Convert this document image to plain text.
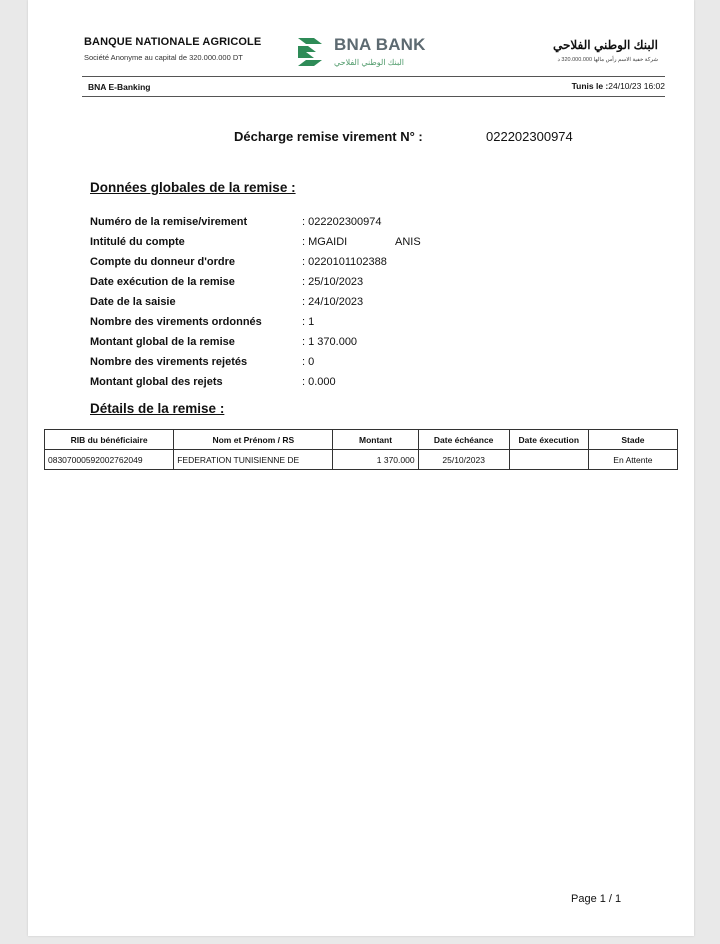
BANQUE NATIONALE AGRICOLE
Société Anonyme au capital de 320.000.000 DT
BNA BANK
البنك الوطني الفلاحي
البنك الوطني الفلاحي
شركة خفية الاسم رأس مالها 320.000.000 د
BNA E-Banking	Tunis le :24/10/23 16:02
Décharge remise virement N° :	022202300974
Données globales de la remise :
Numéro de la remise/virement	: 022202300974
Intitulé du compte	: MGAIDI	ANIS
Compte du donneur d'ordre	: 0220101102388
Date exécution de la remise	: 25/10/2023
Date de la saisie	: 24/10/2023
Nombre des virements ordonnés	: 1
Montant global de la remise	: 1 370.000
Nombre des virements rejetés	: 0
Montant global des rejets	: 0.000
Détails de la remise :
RIB du bénéficiaire	Nom et Prénom / RS	Montant	Date échéance	Date éxecution	Stade
08307000592002762049	FEDERATION TUNISIENNE DE	1 370.000	25/10/2023		En Attente
Page 1 / 1
